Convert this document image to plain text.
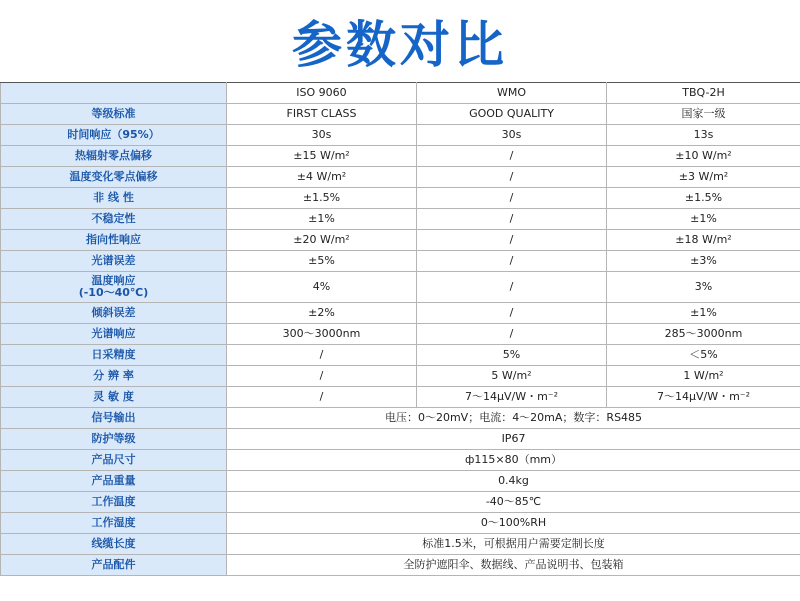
参数对比
	ISO 9060	WMO	TBQ-2H
等级标准	FIRST CLASS	GOOD QUALITY	国家一级
时间响应（95%）	30s	30s	13s
热辐射零点偏移	±15 W/m²	/	±10 W/m²
温度变化零点偏移	±4 W/m²	/	±3 W/m²
非 线 性	±1.5%	/	±1.5%
不稳定性	±1%	/	±1%
指向性响应	±20 W/m²	/	±18 W/m²
光谱误差	±5%	/	±3%
温度响应
(-10～40℃)	4%	/	3%
倾斜误差	±2%	/	±1%
光谱响应	300～3000nm	/	285～3000nm
日采精度	/	5%	＜5%
分 辨 率	/	5 W/m²	1 W/m²
灵 敏 度	/	7～14μV/W・m⁻²	7～14μV/W・m⁻²
信号输出	电压：0～20mV；电流：4～20mA；数字：RS485		
防护等级	IP67		
产品尺寸	ф115×80（mm）		
产品重量	0.4kg		
工作温度	-40～85℃		
工作湿度	0～100%RH		
线缆长度	标准1.5米，可根据用户需要定制长度		
产品配件	全防护遮阳伞、数据线、产品说明书、包装箱		
